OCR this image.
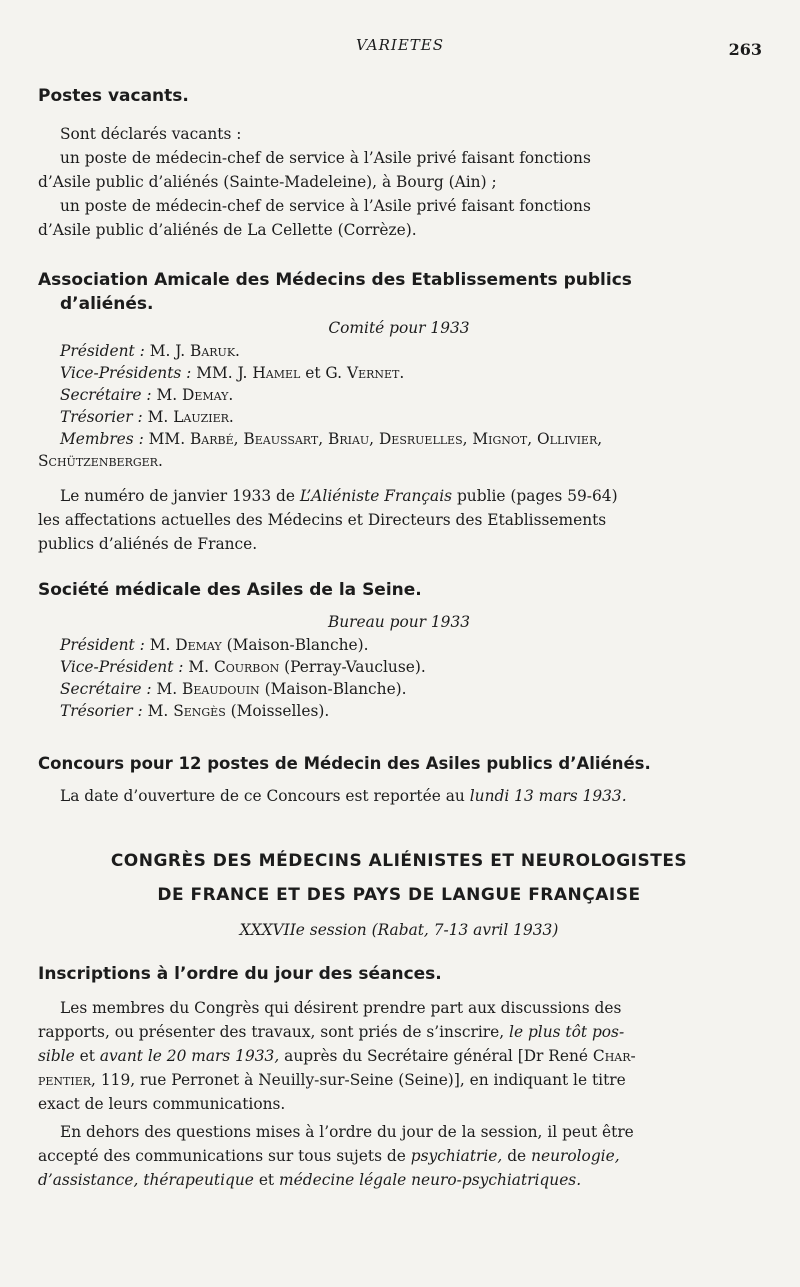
VARIETES	263
Postes vacants.
Sont déclarés vacants :
un poste de médecin-chef de service à l’Asile privé faisant fonctions
d’Asile public d’aliénés (Sainte-Madeleine), à Bourg (Ain) ;
un poste de médecin-chef de service à l’Asile privé faisant fonctions
d’Asile public d’aliénés de La Cellette (Corrèze).
Association Amicale des Médecins des Etablissements publics
d’aliénés.
Comité pour 1933
Président : M. J. Baruk.
Vice-Présidents : MM. J. Hamel et G. Vernet.
Secrétaire : M. Demay.
Trésorier : M. Lauzier.
Membres : MM. Barbé, Beaussart, Briau, Desruelles, Mignot, Ollivier,
Schützenberger.
Le numéro de janvier 1933 de L’Aliéniste Français publie (pages 59-64)
les affectations actuelles des Médecins et Directeurs des Etablissements
publics d’aliénés de France.
Société médicale des Asiles de la Seine.
Bureau pour 1933
Président : M. Demay (Maison-Blanche).
Vice-Président : M. Courbon (Perray-Vaucluse).
Secrétaire : M. Beaudouin (Maison-Blanche).
Trésorier : M. Sengès (Moisselles).
Concours pour 12 postes de Médecin des Asiles publics d’Aliénés.
La date d’ouverture de ce Concours est reportée au lundi 13 mars 1933.
CONGRÈS DES MÉDECINS ALIÉNISTES ET NEUROLOGISTES
DE FRANCE ET DES PAYS DE LANGUE FRANÇAISE
XXXVIIe session (Rabat, 7-13 avril 1933)
Inscriptions à l’ordre du jour des séances.
Les membres du Congrès qui désirent prendre part aux discussions des
rapports, ou présenter des travaux, sont priés de s’inscrire, le plus tôt pos-
sible et avant le 20 mars 1933, auprès du Secrétaire général [Dr René Char-
pentier, 119, rue Perronet à Neuilly-sur-Seine (Seine)], en indiquant le titre
exact de leurs communications.
En dehors des questions mises à l’ordre du jour de la session, il peut être
accepté des communications sur tous sujets de psychiatrie, de neurologie,
d’assistance, thérapeutique et médecine légale neuro-psychiatriques.
